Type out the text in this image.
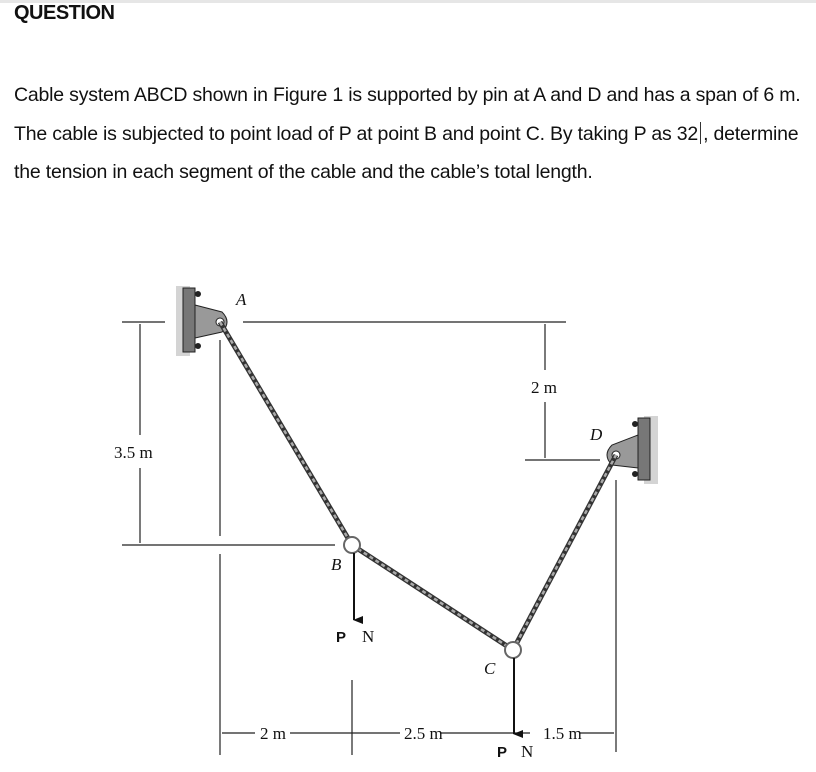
QUESTION
Cable system ABCD shown in Figure 1 is supported by pin at A and D and has a span of 6 m. The cable is subjected to point load of P at point B and point C. By taking P as 32 , determine the tension in each segment of the cable and the cable’s total length.
A
B
C
D
3.5 m
2 m
2 m	2.5 m	1.5 m
P N
P N
